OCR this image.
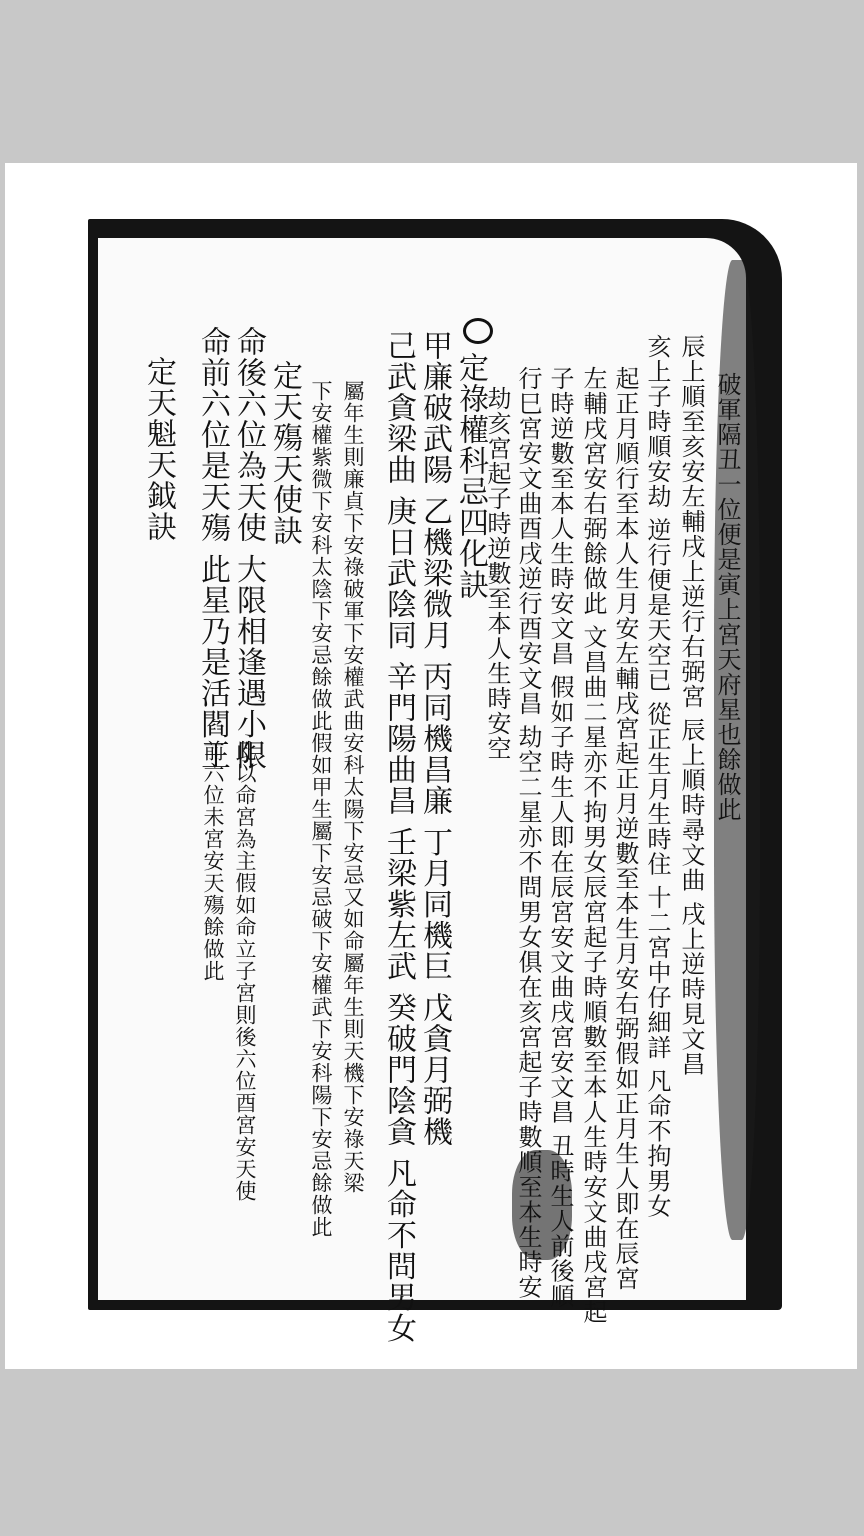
破軍隔丑一位便是寅上宮天府星也餘做此
辰上順至亥安左輔戌上逆行右弼宮 辰上順時尋文曲 戌上逆時見文昌
亥上子時順安劫 逆行便是天空已 從正生月生時住 十二宮中仔細詳 凡命不拘男女
起正月順行至本人生月安左輔戌宮起正月逆數至本生月安右弼假如正月生人即在辰宮
左輔戌宮安右弼餘做此 文昌曲二星亦不拘男女辰宮起子時順數至本人生時安文曲戌宮起
子時逆數至本人生時安文昌 假如子時生人即在辰宮安文曲戌宮安文昌 丑時生人前後順
行巳宮安文曲酉戌逆行酉安文昌 劫空二星亦不問男女俱在亥宮起子時數順至本生時安
劫亥宮起子時逆數至本人生時安空
定祿權科忌四化訣
甲廉破武陽 乙機梁微月 丙同機昌廉 丁月同機巨 戊貪月弼機
己武貪梁曲 庚日武陰同 辛門陽曲昌 壬梁紫左武 癸破門陰貪 凡命不問男女
屬年生則廉貞下安祿破軍下安權武曲安科太陽下安忌又如命屬年生則天機下安祿天梁
下安權紫微下安科太陰下安忌餘做此假如甲生屬下安忌破下安權武下安科陽下安忌餘做此
定天殤天使訣
命後六位為天使 大限相逢遇小限
命前六位是天殤 此星乃是活閻王
此以命宮為主假如命立子宮則後六位酉宮安天使
前六位未宮安天殤餘做此
定天魁天鉞訣
